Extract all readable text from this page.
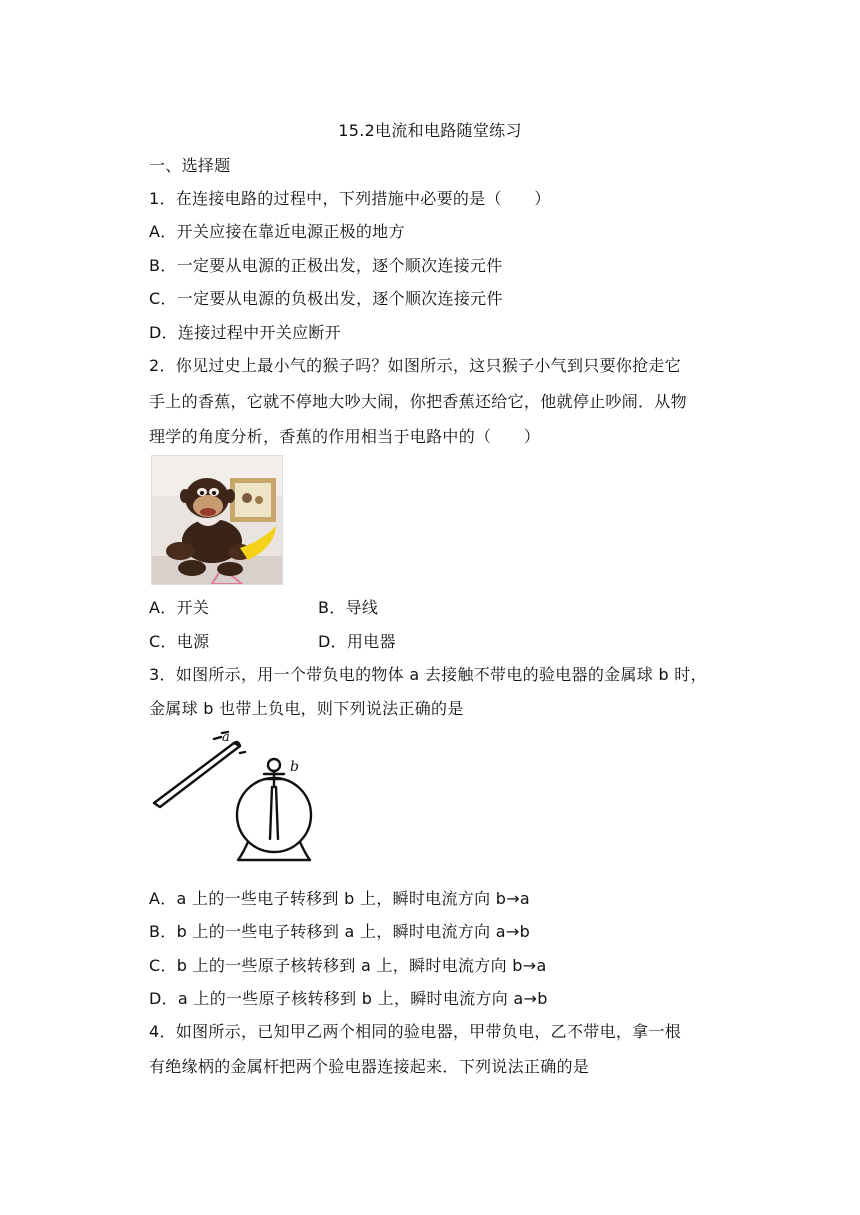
15.2电流和电路随堂练习
一、选择题
1．在连接电路的过程中，下列措施中必要的是（　　）
A．开关应接在靠近电源正极的地方
B．一定要从电源的正极出发，逐个顺次连接元件
C．一定要从电源的负极出发，逐个顺次连接元件
D．连接过程中开关应断开
2．你见过史上最小气的猴子吗？如图所示，这只猴子小气到只要你抢走它
手上的香蕉，它就不停地大吵大闹，你把香蕉还给它，他就停止吵闹．从物
理学的角度分析，香蕉的作用相当于电路中的（　　）
A．开关	B．导线
C．电源	D．用电器
3．如图所示，用一个带负电的物体 a 去接触不带电的验电器的金属球 b 时，
金属球 b 也带上负电，则下列说法正确的是
a
b
A．a 上的一些电子转移到 b 上，瞬时电流方向 b→a
B．b 上的一些电子转移到 a 上，瞬时电流方向 a→b
C．b 上的一些原子核转移到 a 上，瞬时电流方向 b→a
D．a 上的一些原子核转移到 b 上，瞬时电流方向 a→b
4．如图所示，已知甲乙两个相同的验电器，甲带负电，乙不带电，拿一根
有绝缘柄的金属杆把两个验电器连接起来．下列说法正确的是
